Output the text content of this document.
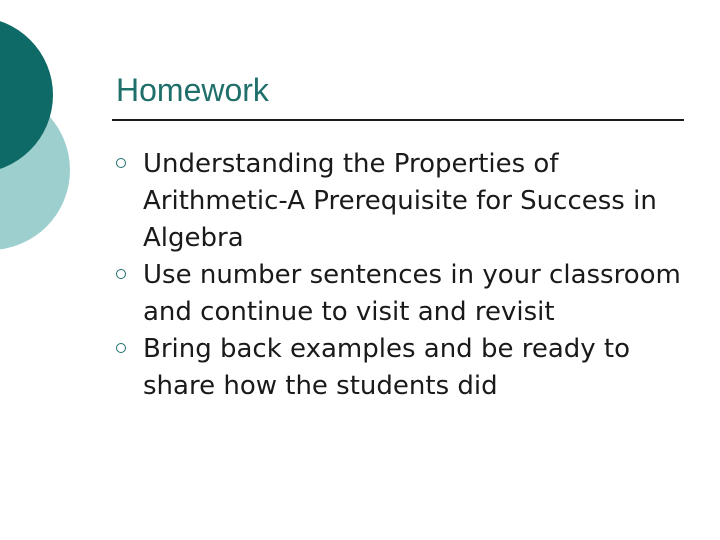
Homework
Understanding the Properties of Arithmetic-A Prerequisite for Success in Algebra
Use number sentences in your classroom and continue to visit and revisit
Bring back examples and be ready to share how the students did
